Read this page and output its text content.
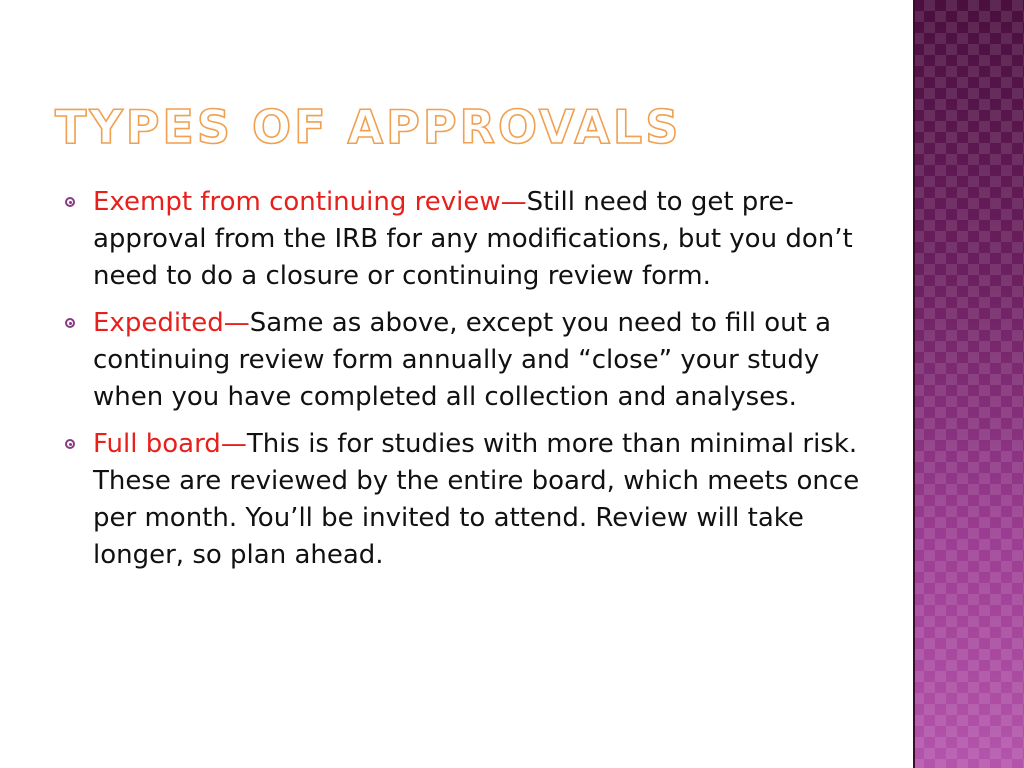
TYPES OF APPROVALS
Exempt from continuing review—Still need to get pre-approval from the IRB for any modifications, but you don’t need to do a closure or continuing review form.
Expedited—Same as above, except you need to fill out a continuing review form annually and “close” your study when you have completed all collection and analyses.
Full board—This is for studies with more than minimal risk. These are reviewed by the entire board, which meets once per month. You’ll be invited to attend. Review will take longer, so plan ahead.
